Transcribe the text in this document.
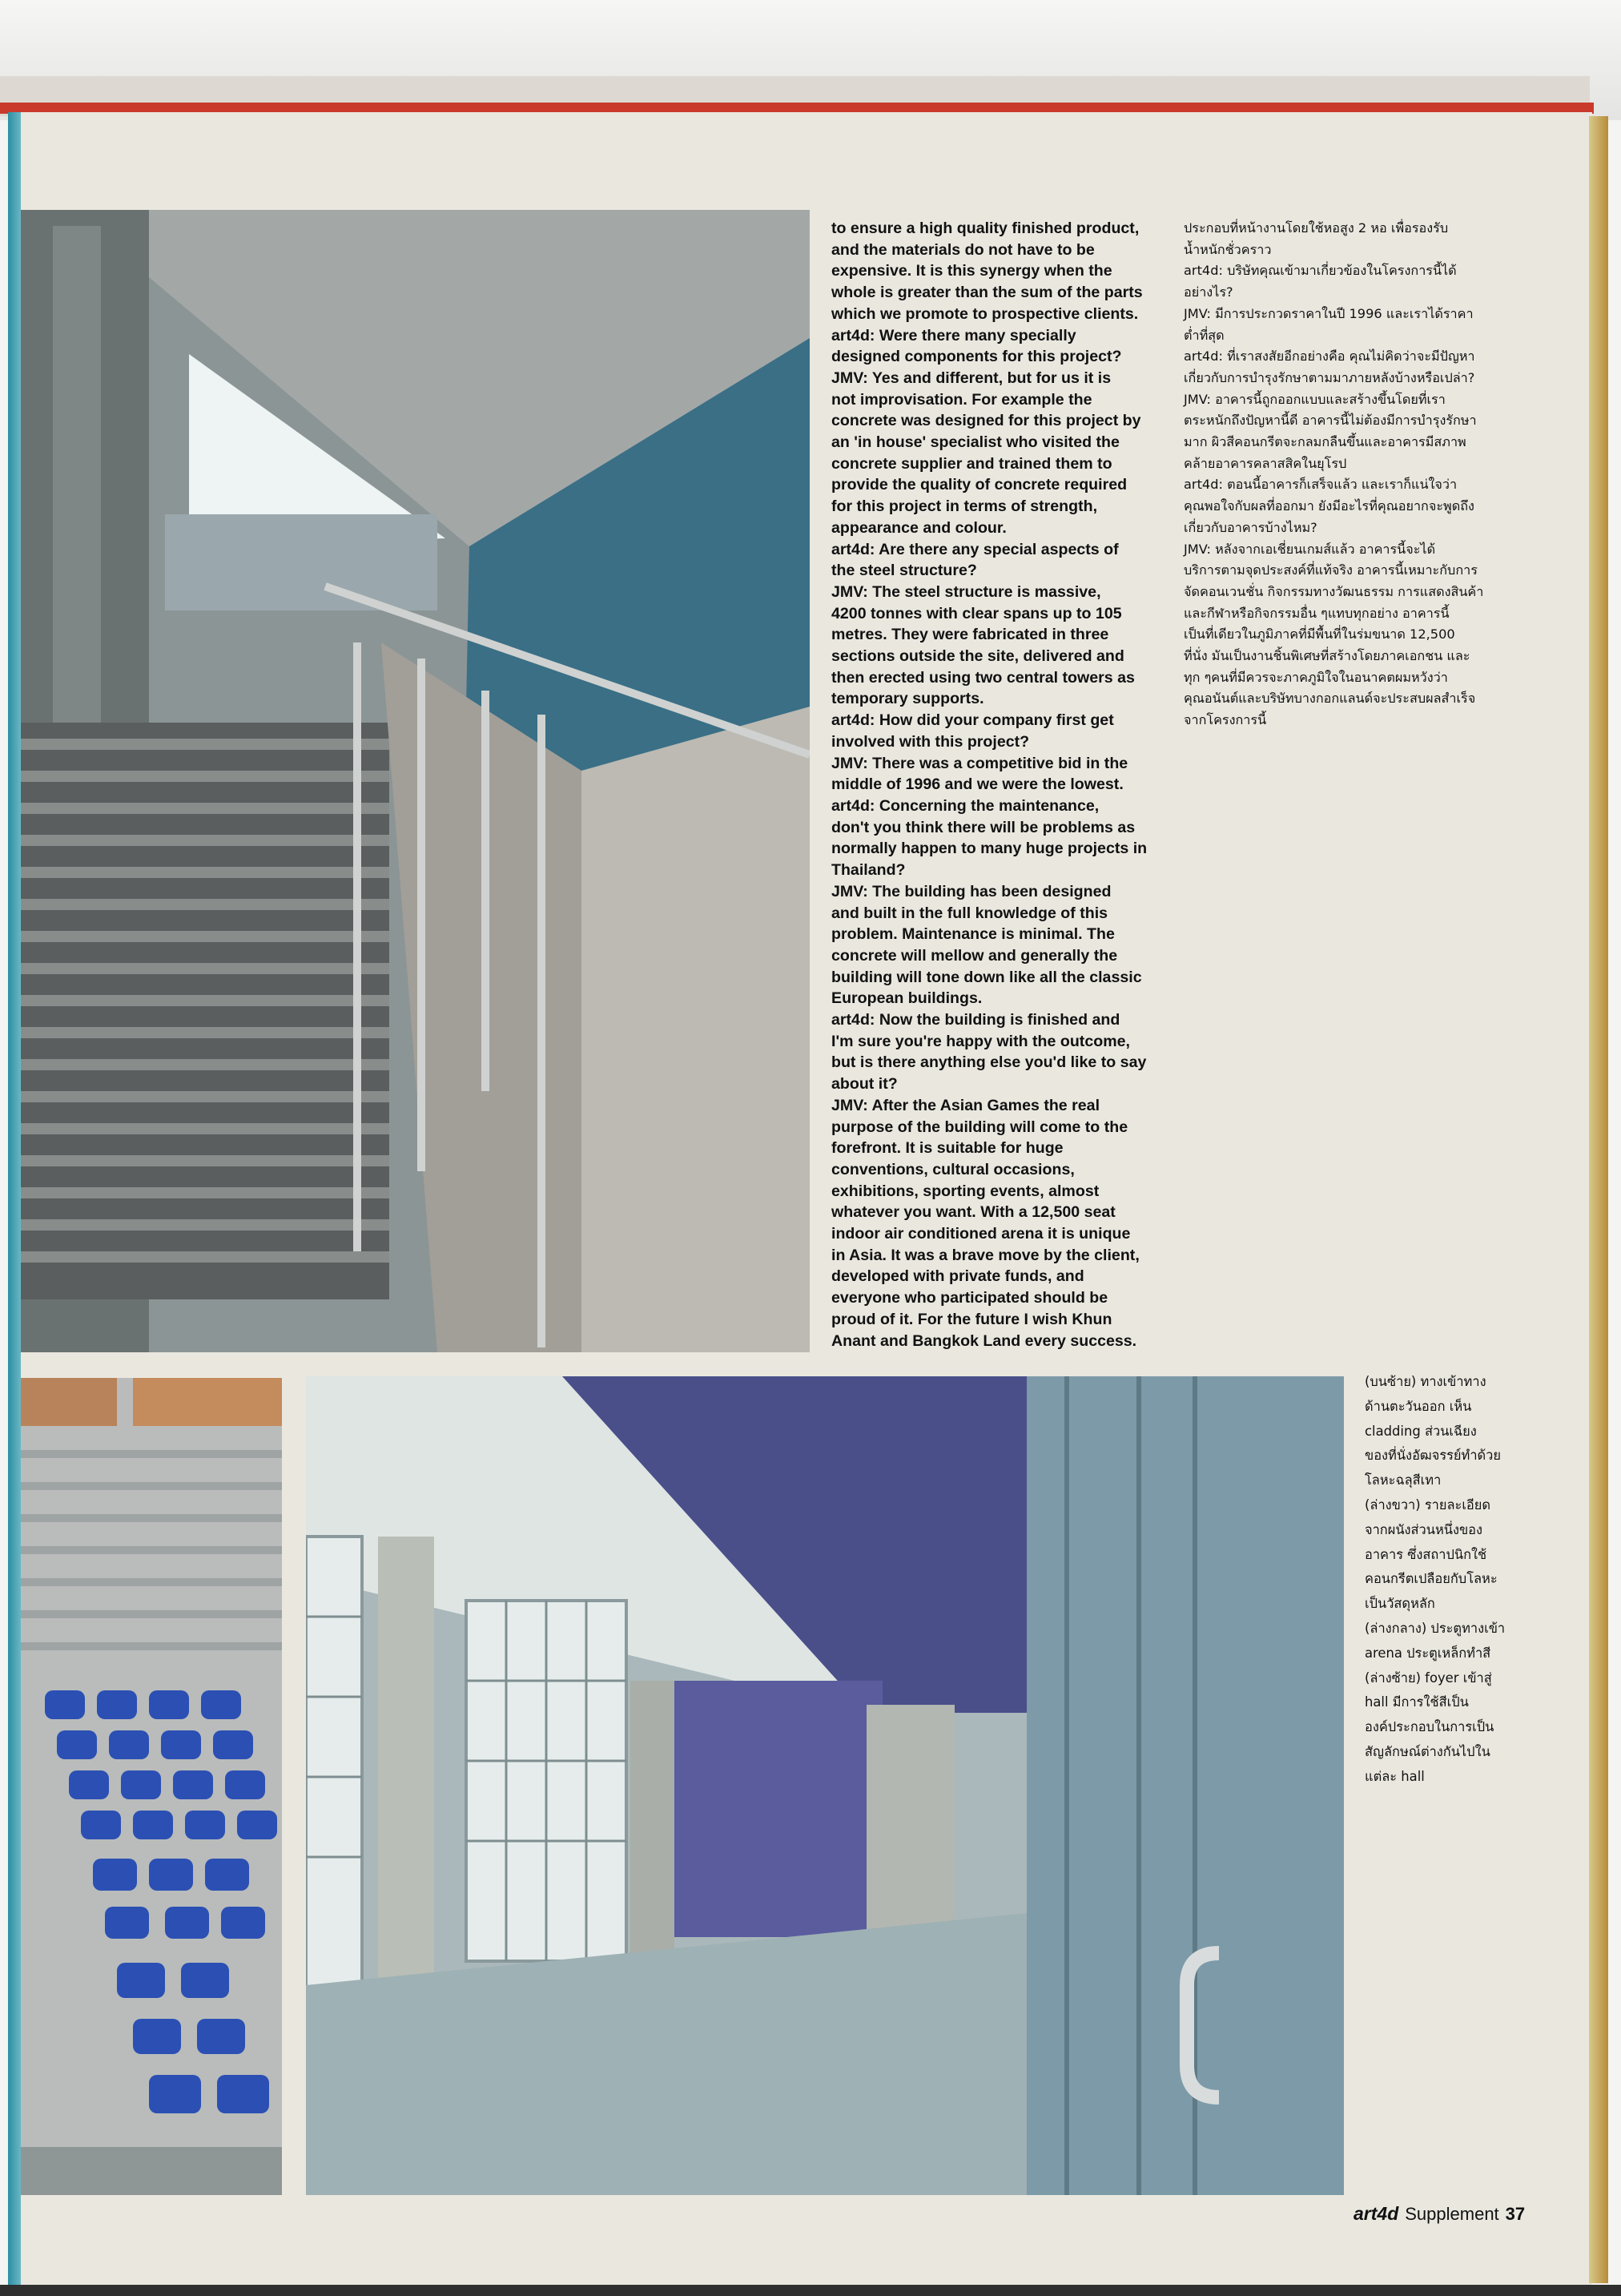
to ensure a high quality finished product,
and the materials do not have to be
expensive. It is this synergy when the
whole is greater than the sum of the parts
which we promote to prospective clients.
art4d: Were there many specially
designed components for this project?
JMV: Yes and different, but for us it is
not improvisation. For example the
concrete was designed for this project by
an 'in house' specialist who visited the
concrete supplier and trained them to
provide the quality of concrete required
for this project in terms of strength,
appearance and colour.
art4d: Are there any special aspects of
the steel structure?
JMV: The steel structure is massive,
4200 tonnes with clear spans up to 105
metres. They were fabricated in three
sections outside the site, delivered and
then erected using two central towers as
temporary supports.
art4d: How did your company first get
involved with this project?
JMV: There was a competitive bid in the
middle of 1996 and we were the lowest.
art4d: Concerning the maintenance,
don't you think there will be problems as
normally happen to many huge projects in
Thailand?
JMV: The building has been designed
and built in the full knowledge of this
problem. Maintenance is minimal. The
concrete will mellow and generally the
building will tone down like all the classic
European buildings.
art4d: Now the building is finished and
I'm sure you're happy with the outcome,
but is there anything else you'd like to say
about it?
JMV: After the Asian Games the real
purpose of the building will come to the
forefront. It is suitable for huge
conventions, cultural occasions,
exhibitions, sporting events, almost
whatever you want. With a 12,500 seat
indoor air conditioned arena it is unique
in Asia. It was a brave move by the client,
developed with private funds, and
everyone who participated should be
proud of it. For the future I wish Khun
Anant and Bangkok Land every success.
ประกอบที่หน้างานโดยใช้หอสูง 2 หอ เพื่อรองรับ
น้ำหนักชั่วคราว
art4d: บริษัทคุณเข้ามาเกี่ยวข้องในโครงการนี้ได้
อย่างไร?
JMV: มีการประกวดราคาในปี 1996 และเราได้ราคา
ต่ำที่สุด
art4d: ที่เราสงสัยอีกอย่างคือ คุณไม่คิดว่าจะมีปัญหา
เกี่ยวกับการบำรุงรักษาตามมาภายหลังบ้างหรือเปล่า?
JMV: อาคารนี้ถูกออกแบบและสร้างขึ้นโดยที่เรา
ตระหนักถึงปัญหานี้ดี อาคารนี้ไม่ต้องมีการบำรุงรักษา
มาก ผิวสีคอนกรีตจะกลมกลืนขึ้นและอาคารมีสภาพ
คล้ายอาคารคลาสสิคในยุโรป
art4d: ตอนนี้อาคารก็เสร็จแล้ว และเราก็แน่ใจว่า
คุณพอใจกับผลที่ออกมา ยังมีอะไรที่คุณอยากจะพูดถึง
เกี่ยวกับอาคารบ้างไหม?
JMV: หลังจากเอเชี่ยนเกมส์แล้ว อาคารนี้จะได้
บริการตามจุดประสงค์ที่แท้จริง อาคารนี้เหมาะกับการ
จัดคอนเวนชั่น กิจกรรมทางวัฒนธรรม การแสดงสินค้า
และกีฬาหรือกิจกรรมอื่น ๆแทบทุกอย่าง อาคารนี้
เป็นที่เดียวในภูมิภาคที่มีพื้นที่ในร่มขนาด 12,500
ที่นั่ง มันเป็นงานชิ้นพิเศษที่สร้างโดยภาคเอกชน และ
ทุก ๆคนที่มีควรจะภาคภูมิใจในอนาคตผมหวังว่า
คุณอนันต์และบริษัทบางกอกแลนด์จะประสบผลสำเร็จ
จากโครงการนี้
(บนซ้าย) ทางเข้าทาง
ด้านตะวันออก เห็น
cladding ส่วนเฉียง
ของที่นั่งอัฒจรรย์ทำด้วย
โลหะฉลุสีเทา
(ล่างขวา) รายละเอียด
จากผนังส่วนหนึ่งของ
อาคาร ซึ่งสถาปนิกใช้
คอนกรีตเปลือยกับโลหะ
เป็นวัสดุหลัก
(ล่างกลาง) ประตูทางเข้า
arena ประตูเหล็กทำสี
(ล่างซ้าย) foyer เข้าสู่
hall มีการใช้สีเป็น
องค์ประกอบในการเป็น
สัญลักษณ์ต่างกันไปใน
แต่ละ hall
art4d Supplement 37
